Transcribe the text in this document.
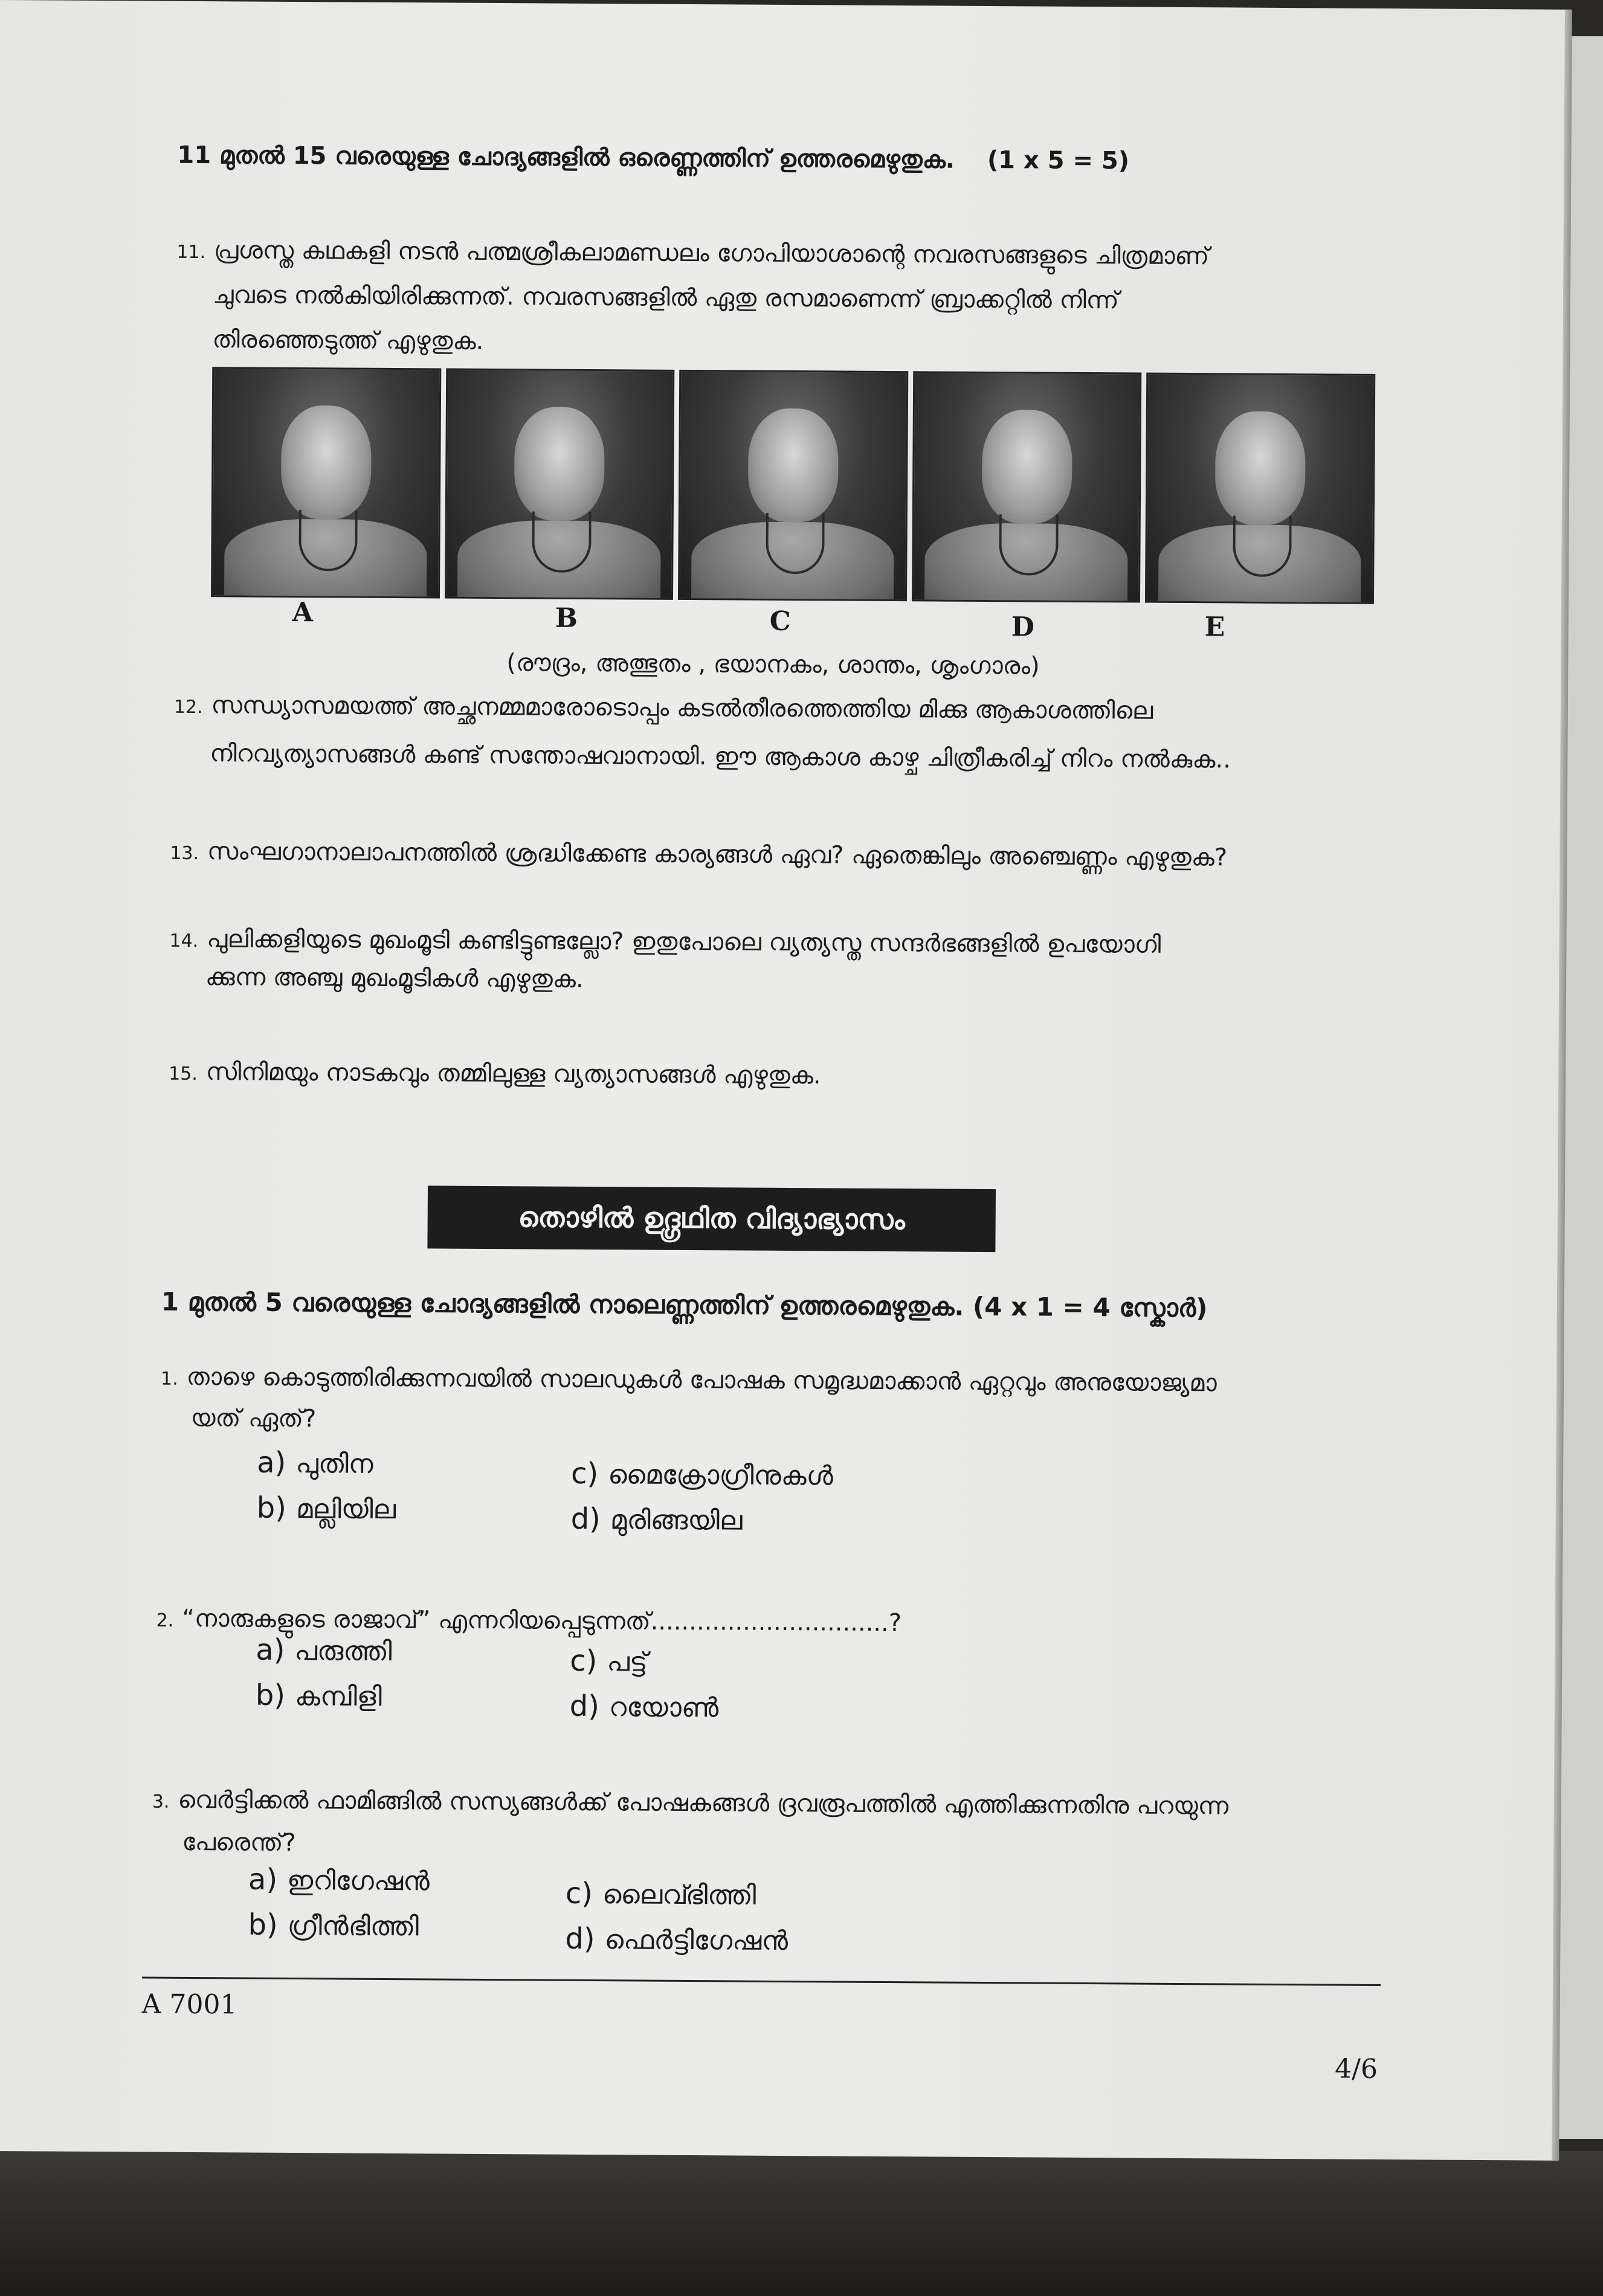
11 മുതൽ 15 വരെയുള്ള ചോദ്യങ്ങളിൽ ഒരെണ്ണത്തിന് ഉത്തരമെഴുതുക. (1 x 5 = 5)
11. പ്രശസ്ത കഥകളി നടൻ പത്മശ്രീകലാമണ്ഡലം ഗോപിയാശാന്റെ നവരസങ്ങളുടെ ചിത്രമാണ്
ചുവടെ നൽകിയിരിക്കുന്നത്. നവരസങ്ങളിൽ ഏതു രസമാണെന്ന് ബ്രാക്കറ്റിൽ നിന്ന്
തിരഞ്ഞെടുത്ത് എഴുതുക.
A	B	C	D	E
(രൗദ്രം, അത്ഭുതം , ഭയാനകം, ശാന്തം, ശൃംഗാരം)
12. സന്ധ്യാസമയത്ത് അച്ഛനമ്മമാരോടൊപ്പം കടൽതീരത്തെത്തിയ മിക്കു ആകാശത്തിലെ
നിറവ്യത്യാസങ്ങൾ കണ്ട് സന്തോഷവാനായി. ഈ ആകാശ കാഴ്ച ചിത്രീകരിച്ച് നിറം നൽകുക..
13. സംഘഗാനാലാപനത്തിൽ ശ്രദ്ധിക്കേണ്ട കാര്യങ്ങൾ ഏവ? ഏതെങ്കിലും അഞ്ചെണ്ണം എഴുതുക?
14. പുലിക്കളിയുടെ മുഖംമൂടി കണ്ടിട്ടുണ്ടല്ലോ? ഇതുപോലെ വ്യത്യസ്ത സന്ദർഭങ്ങളിൽ ഉപയോഗി
ക്കുന്ന അഞ്ചു മുഖംമൂടികൾ എഴുതുക.
15. സിനിമയും നാടകവും തമ്മിലുള്ള വ്യത്യാസങ്ങൾ എഴുതുക.
തൊഴിൽ ഉദ്ഗ്രഥിത വിദ്യാഭ്യാസം
1 മുതൽ 5 വരെയുള്ള ചോദ്യങ്ങളിൽ നാലെണ്ണത്തിന് ഉത്തരമെഴുതുക. (4 x 1 = 4 സ്കോർ)
1. താഴെ കൊടുത്തിരിക്കുന്നവയിൽ സാലഡുകൾ പോഷക സമൃദ്ധമാക്കാൻ ഏറ്റവും അനുയോജ്യമാ
യത് ഏത്?
a) പുതിന
b) മല്ലിയില
c) മൈക്രോഗ്രീനുകൾ
d) മുരിങ്ങയില
2. “നാരുകളുടെ രാജാവ്” എന്നറിയപ്പെടുന്നത്...............................?
a) പരുത്തി
b) കമ്പിളി
c) പട്ട്
d) റയോൺ
3. വെർട്ടിക്കൽ ഫാമിങ്ങിൽ സസ്യങ്ങൾക്ക് പോഷകങ്ങൾ ദ്രവരൂപത്തിൽ എത്തിക്കുന്നതിനു പറയുന്ന
പേരെന്ത്?
a) ഇറിഗേഷൻ
b) ഗ്രീൻഭിത്തി
c) ലൈവ്ഭിത്തി
d) ഫെർട്ടിഗേഷൻ
A 7001
4/6
